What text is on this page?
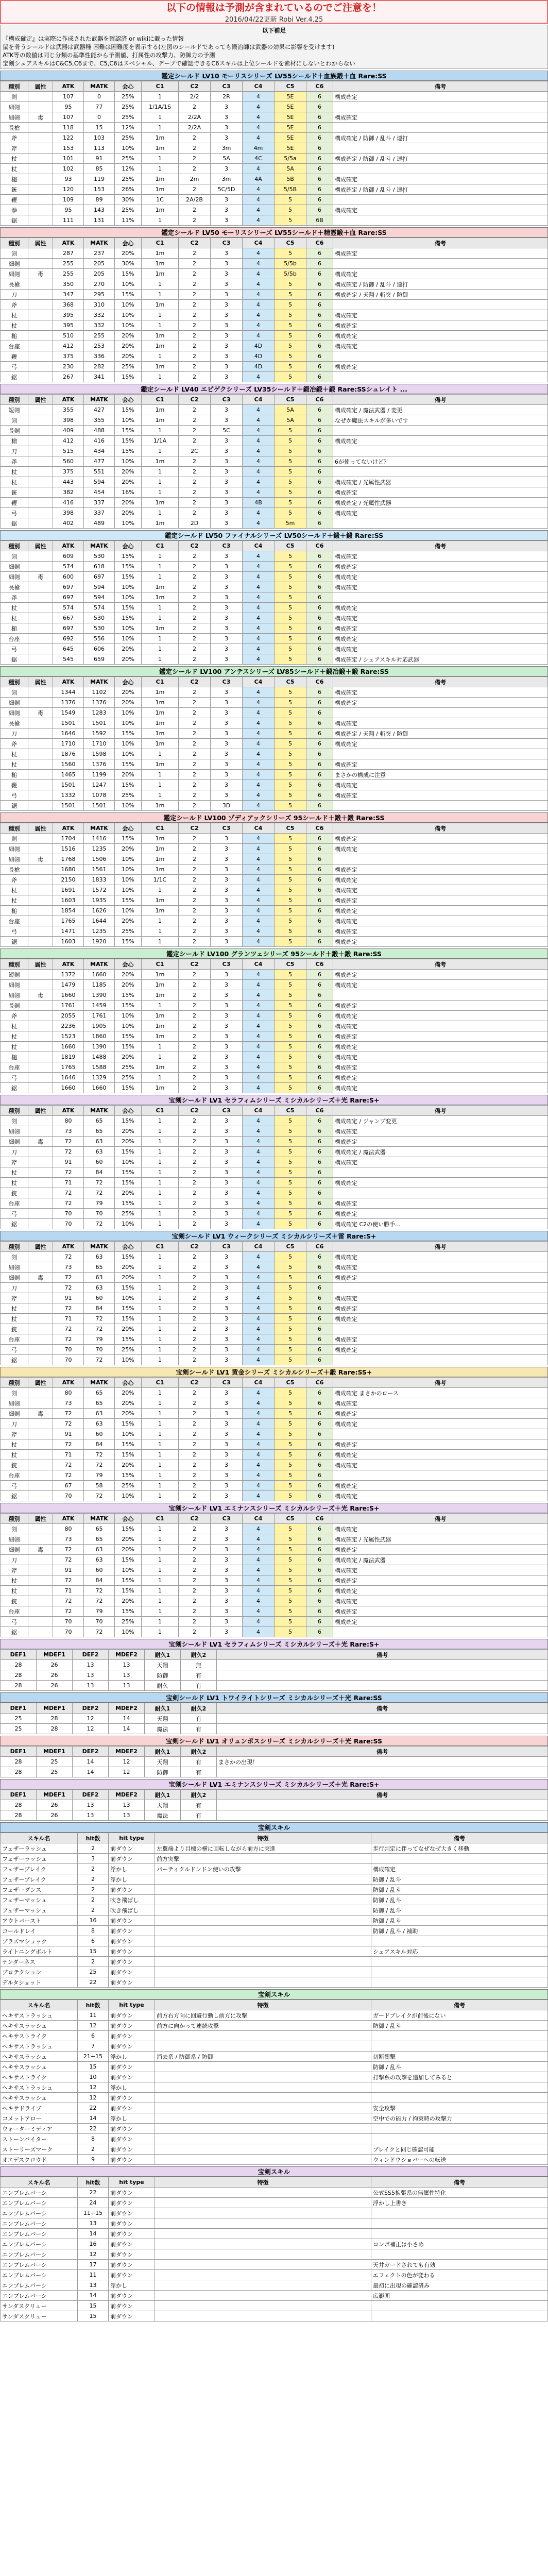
以下の情報は予測が含まれているのでご注意を！
2016/04/22更新 Robi Ver.4.25
以下補足

『構成確定』は実際に作成された武器を確認済 or wikiに載った情報

鼠を骨うシールドは武器は武器種 困難は困難度を表示する(左図のシールドであっても鍛冶師は武器の効果に影響を受けます)

ATK等の数値は同じ分類の基準性能から予測値、打属性の攻撃力、防御力の予測

宝剣シェアスキルはC&C5,C6まで、C5,C6はスペシャル、デーブで確認できるC6スキルは上位シールドを素材にしないとわからない

鑑定シールド LV10 モーリスシリーズ LV55シールド＋血族鍛＋血 Rare:SS
種別	属性	ATK	MATK	会心	C1	C2	C3	C4	C5	C6	備考
剣		107	0	25%	1	2/2	2R	4	5E	6	構成確定
細剣		95	77	25%	1/1A/1S	2	3	4	5E	6	
細剣	毒	107	0	25%	1	2/2A	3	4	5E	6	構成確定
長槍		118	15	12%	1	2/2A	3	4	5E	6	
斧		122	103	25%	1m	2	3	4	5E	6	構成確定 / 防御 / 乱斗 / 連打
斧		153	113	10%	1m	2	3m	4m	5E	6	
杖		101	91	25%	1	2	5A	4C	5/5a	6	構成確定 / 防御 / 乱斗 / 連打
杖		102	85	12%	1	2	3	4	5A	6	
槌		93	119	25%	1m	2m	3m	4A	5B	6	構成確定
銃		120	153	26%	1m	2	5C/5D	4	5/5B	6	構成確定 / 防御 / 乱斗 / 連打
鞭		109	89	30%	1C	2A/2B	3	4	5	6	
拳		95	143	25%	1m	2	3	4	5	6	構成確定
鋸		111	131	11%	1	2	3	4	5	6B	
鑑定シールド LV50 モーリスシリーズ LV55シールド＋精霊鍛＋血 Rare:SS
種別	属性	ATK	MATK	会心	C1	C2	C3	C4	C5	C6	備考
剣		287	237	20%	1m	2	3	4	5	6	構成確定
細剣		255	205	30%	1m	2	3	4	5/5b	6	
細剣	毒	255	205	15%	1m	2	3	4	5/5b	6	構成確定
長槍		350	270	10%	1	2	3	4	5	6	構成確定 / 防御 / 乱斗 / 連打
刀		347	295	15%	1	2	3	4	5	6	構成確定 / 天翔 / 斬突 / 防御
斧		368	310	10%	1m	2	3	4	5	6	
杖		395	332	10%	1	2	3	4	5	6	構成確定
杖		395	332	10%	1	2	3	4	5	6	構成確定
槌		510	255	20%	1m	2	3	4	5	6	構成確定
台座		412	253	20%	1m	2	3	4D	5	6	構成確定
鞭		375	336	20%	1	2	3	4D	5	6	
弓		230	282	25%	1m	2	3	4D	5	6	構成確定
鋸		267	341	15%	1	2	3	4	5	6	
鑑定シールド LV40 エピゲクシリーズ LV35シールド＋鍛冶鍛＋鍛 Rare:SSシュレイト ...
種別	属性	ATK	MATK	会心	C1	C2	C3	C4	C5	C6	備考
短剣		355	427	15%	1m	2	3	4	5A	6	構成確定 / 魔法武器 / 変更
剣		398	355	10%	1m	2	3	4	5A	6	なぜか魔法スキルが多いです
長剣		409	488	15%	1	2	5C	4	5	6	
槍		412	416	15%	1/1A	2	3	4	5	6	構成確定
刀		515	434	15%	1	2C	3	4	5	6	
斧		560	477	10%	1m	2	3	4	5	6	6が使ってないけど？
杖		375	551	20%	1	2	3	4	5	6	
杖		443	594	20%	1	2	3	4	5	6	構成確定 / 光属性武器
銃		382	454	16%	1	2	3	4	5	6	構成確定
鞭		416	337	20%	1m	2	3	4B	5	6	構成確定 / 光属性武器
弓		398	337	20%	1	2	3	4	5	6	構成確定
鋸		402	489	10%	1m	2D	3	4	5m	6	
鑑定シールド LV50 ファイナルシリーズ LV50シールド＋鍛＋鍛 Rare:SS
種別	属性	ATK	MATK	会心	C1	C2	C3	C4	C5	C6	備考
剣		609	530	15%	1	2	3	4	5	6	構成確定
細剣		574	618	15%	1	2	3	4	5	6	構成確定
細剣	毒	600	697	15%	1	2	3	4	5	6	構成確定
長槍		697	594	10%	1m	2	3	4	5	6	構成確定
斧		697	594	10%	1m	2	3	4	5	6	
杖		574	574	15%	1	2	3	4	5	6	構成確定
杖		667	530	15%	1	2	3	4	5	6	構成確定
槌		697	530	10%	1m	2	3	4	5	6	構成確定
台座		692	556	10%	1	2	3	4	5	6	構成確定
弓		645	606	20%	1	2	3	4	5	6	構成確定
鋸		545	659	20%	1	2	3	4	5	6	構成確定 / シェアスキル対応武器
鑑定シールド LV100 アンテスシリーズ LV85シールド＋鍛冶鍛＋鍛 Rare:SS
種別	属性	ATK	MATK	会心	C1	C2	C3	C4	C5	C6	備考
剣		1344	1102	20%	1m	2	3	4	5	6	構成確定
細剣		1376	1376	20%	1m	2	3	4	5	6	構成確定
細剣	毒	1549	1283	10%	1m	2	3	4	5	6	
長槍		1501	1501	10%	1m	2	3	4	5	6	構成確定
刀		1646	1592	15%	1m	2	3	4	5	6	構成確定 / 天翔 / 斬突 / 防御
斧		1710	1710	10%	1m	2	3	4	5	6	構成確定
杖		1876	1598	10%	1	2	3	4	5	6	
杖		1560	1376	15%	1m	2	3	4	5	6	構成確定
槌		1465	1199	20%	1	2	3	4	5	6	まさかの構成に注意
鞭		1501	1247	15%	1	2	3	4	5	6	構成確定
弓		1332	1078	25%	1	2	3	4	5	6	構成確定
鋸		1501	1501	10%	1m	2	3D	4	5	6	
鑑定シールド LV100 ゾディアックシリーズ 95シールド＋鍛＋鍛 Rare:SS
種別	属性	ATK	MATK	会心	C1	C2	C3	C4	C5	C6	備考
剣		1704	1416	15%	1m	2	3	4	5	6	構成確定
細剣		1516	1235	20%	1m	2	3	4	5	6	構成確定
細剣	毒	1768	1506	10%	1m	2	3	4	5	6	
長槍		1680	1561	10%	1m	2	3	4	5	6	構成確定
斧		2150	1833	10%	1/1C	2	3	4	5	6	構成確定
杖		1691	1572	10%	1	2	3	4	5	6	構成確定
杖		1603	1935	15%	1m	2	3	4	5	6	構成確定
槌		1854	1626	10%	1m	2	3	4	5	6	構成確定
台座		1765	1644	20%	1	2	3	4	5	6	構成確定
弓		1471	1235	25%	1	2	3	4	5	6	構成確定
鋸		1603	1920	15%	1	2	3	4	5	6	構成確定
鑑定シールド LV100 グランツェシリーズ 95シールド＋鍛＋鍛 Rare:SS
種別	属性	ATK	MATK	会心	C1	C2	C3	C4	C5	C6	備考
短剣		1372	1660	20%	1m	2	3	4	5	6	構成確定
細剣		1479	1185	20%	1m	2	3	4	5	6	構成確定
細剣	毒	1660	1390	15%	1m	2	3	4	5	6	
長剣		1761	1459	15%	1	2	3	4	5	6	構成確定
斧		2055	1761	10%	1m	2	3	4	5	6	構成確定
杖		2236	1905	10%	1m	2	3	4	5	6	構成確定
杖		1523	1860	15%	1m	2	3	4	5	6	構成確定
杖		1660	1390	15%	1	2	3	4	5	6	構成確定
槌		1819	1488	20%	1	2	3	4	5	6	構成確定
台座		1765	1588	25%	1m	2	3	4	5	6	構成確定
弓		1646	1329	25%	1	2	3	4	5	6	構成確定
鋸		1660	1660	15%	1m	2	3	4	5	6	構成確定
宝剣シールド LV1 セラフィムシリーズ ミシカルシリーズ＋光 Rare:S+
種別	属性	ATK	MATK	会心	C1	C2	C3	C4	C5	C6	備考
剣		80	65	15%	1	2	3	4	5	6	構成確定 / ジャンプ変更
細剣		73	65	20%	1	2	3	4	5	6	構成確定
細剣	毒	72	63	20%	1	2	3	4	5	6	構成確定
刀		72	63	15%	1	2	3	4	5	6	構成確定 / 魔法武器
斧		91	60	10%	1	2	3	4	5	6	構成確定
杖		72	84	15%	1	2	3	4	5	6	
杖		71	72	15%	1	2	3	4	5	6	構成確定
銃		72	72	20%	1	2	3	4	5	6	
台座		72	79	15%	1	2	3	4	5	6	構成確定
弓		70	70	25%	1	2	3	4	5	6	構成確定
鋸		70	72	10%	1	2	3	4	5	6	構成確定 C2の使い勝手...
宝剣シールド LV1 ウィークシリーズ ミシカルシリーズ＋雷 Rare:S+
種別	属性	ATK	MATK	会心	C1	C2	C3	C4	C5	C6	備考
剣		72	63	15%	1	2	3	4	5	6	構成確定
細剣		73	65	20%	1	2	3	4	5	6	構成確定
細剣	毒	72	63	20%	1	2	3	4	5	6	構成確定
刀		72	63	15%	1	2	3	4	5	6	
斧		91	60	10%	1	2	3	4	5	6	構成確定
杖		72	84	15%	1	2	3	4	5	6	構成確定
杖		71	72	15%	1	2	3	4	5	6	構成確定
銃		72	72	20%	1	2	3	4	5	6	
台座		72	79	15%	1	2	3	4	5	6	構成確定
弓		70	70	25%	1	2	3	4	5	6	構成確定
鋸		70	72	10%	1	2	3	4	5	6	
宝剣シールド LV1 黄金シリーズ ミシカルシリーズ＋鍛 Rare:SS+
種別	属性	ATK	MATK	会心	C1	C2	C3	C4	C5	C6	備考
剣		80	65	20%	1	2	3	4	5	6	構成確定 まさかのロース
細剣		73	65	20%	1	2	3	4	5	6	構成確定
細剣	毒	72	63	20%	1	2	3	4	5	6	構成確定
刀		72	63	15%	1	2	3	4	5	6	構成確定
斧		91	60	10%	1	2	3	4	5	6	
杖		72	84	15%	1	2	3	4	5	6	構成確定
杖		71	72	15%	1	2	3	4	5	6	構成確定
銃		72	72	20%	1	2	3	4	5	6	構成確定
台座		72	79	15%	1	2	3	4	5	6	
弓		67	58	25%	1	2	3	4	5	6	構成確定
鋸		70	72	10%	1	2	3	4	5	6	構成確定
宝剣シールド LV1 エミナンスシリーズ ミシカルシリーズ＋光 Rare:S+
種別	属性	ATK	MATK	会心	C1	C2	C3	C4	C5	C6	備考
剣		80	65	15%	1	2	3	4	5	6	構成確定
細剣		73	65	20%	1	2	3	4	5	6	構成確定 / 光属性武器
細剣	毒	72	63	20%	1	2	3	4	5	6	構成確定
刀		72	63	15%	1	2	3	4	5	6	構成確定 / 魔法武器
斧		91	60	10%	1	2	3	4	5	6	構成確定
杖		72	84	15%	1	2	3	4	5	6	構成確定
杖		71	72	15%	1	2	3	4	5	6	構成確定
銃		72	72	20%	1	2	3	4	5	6	構成確定
台座		72	79	15%	1	2	3	4	5	6	構成確定
弓		70	70	25%	1	2	3	4	5	6	構成確定
鋸		70	72	10%	1	2	3	4	5	6	
宝剣シールド LV1 セラフィムシリーズ ミシカルシリーズ＋光 Rare:S+
DEF1	MDEF1	DEF2	MDEF2	耐久1	耐久2	備考
28	26	13	13	天翔	無	
28	26	13	13	防御	有	
28	26	13	13	耐久	有	
宝剣シールド LV1 トワイライトシリーズ ミシカルシリーズ＋光 Rare:SS
DEF1	MDEF1	DEF2	MDEF2	耐久1	耐久2	備考
25	28	12	14	天翔	有	
25	28	12	14	魔法	有	
宝剣シールド LV1 オリュンポスシリーズ ミシカルシリーズ＋光 Rare:SS
DEF1	MDEF1	DEF2	MDEF2	耐久1	耐久2	備考
28	25	14	12	天翔	有	まさかの出現！
28	25	14	12	防御	有	
宝剣シールド LV1 エミナンスシリーズ ミシカルシリーズ＋光 Rare:S+
DEF1	MDEF1	DEF2	MDEF2	耐久1	耐久2	備考
28	26	13	13	天翔	有	
28	26	13	13	魔法	有	
宝剣スキル
スキル名	hit数	hit type	特徴	備考
フェザーラッシュ	2	前ダウン	左翼端より目標の横に回転しながら前方に突進	歩行判定に伴ってなぜなぜ大きく移動
フェザーラッシュ	3	前ダウン	前方突撃	
フェザーブレイク	2	浮かし	パーティクルドンドン使いの攻撃	構成確定
フェザーブレイク	2	浮かし		防御 / 乱斗
フェザーダンス	2	前ダウン		防御 / 乱斗
フェザーマッシュ	2	吹き飛ばし		防御 / 乱斗
フェザーマッシュ	2	吹き飛ばし		防御 / 乱斗
アウトバースト	16	前ダウン		防御 / 乱斗
コールドレイ	8	前ダウン		防御 / 乱斗 / 補助
プラズマショック	6	前ダウン		
ライトニングボルト	15	前ダウン		シェアスキル対応
テンダーネス	2	前ダウン		
プロテクション	25	前ダウン		
デルタショット	22	前ダウン		
宝剣スキル
スキル名	hit数	hit type	特徴	備考
ヘキサストラッシュ	11	前ダウン	前方右方向に回避行動し前方に攻撃	ガードブレイクが前後にない
ヘキサスラッシュ	12	前ダウン	前方に向かって連続攻撃	防御 / 乱斗
ヘキサストライク	6	前ダウン		
ヘキサストラッシュ	7	前ダウン		
ヘキサスラッシュ	21+15	浮かし	消去系 / 防御系 / 防御	切断衝撃
ヘキサスラッシュ	15	前ダウン		防御 / 乱斗
ヘキサストライク	10	前ダウン		打撃系の攻撃を追加してみると
ヘキサストラッシュ	12	浮かし		
ヘキサスラッシュ	12	前ダウン		
ヘキサドライブ	22	前ダウン		安全攻撃
コメットアロー	14	浮かし		空中での能力 / 拘束時の攻撃力
ウォーターミディア	22	前ダウン		
ストーンバイター	8	前ダウン		
ストーリーズマーク	2	前ダウン		ブレイクと同じ確認可能
オエデスクロウド	9	前ダウン		ウィンドウショバーへの転送
宝剣スキル
スキル名	hit数	hit type	特徴	備考
エンブレムバーシ	22	前ダウン		公式SS5拡張系の無属性特化
エンブレムバーシ	24	前ダウン		浮かし上書き
エンブレムバーシ	11+15	前ダウン		
エンブレムバーシ	13	前ダウン		
エンブレムバーシ	14	前ダウン		
エンブレムバーシ	16	前ダウン		コンボ補正は小さめ
エンブレムバーシ	12	前ダウン		
エンブレムバーシ	17	前ダウン		天井ガードされても有効
エンブレムバーシ	11	前ダウン		エフェクトの色が変わる
エンブレムバーシ	13	浮かし		最初に出現の確認済み
エンブレムバーシ	14	前ダウン		広範囲
サンダスクリュー	15	前ダウン		
サンダスクリュー	15	前ダウン		
